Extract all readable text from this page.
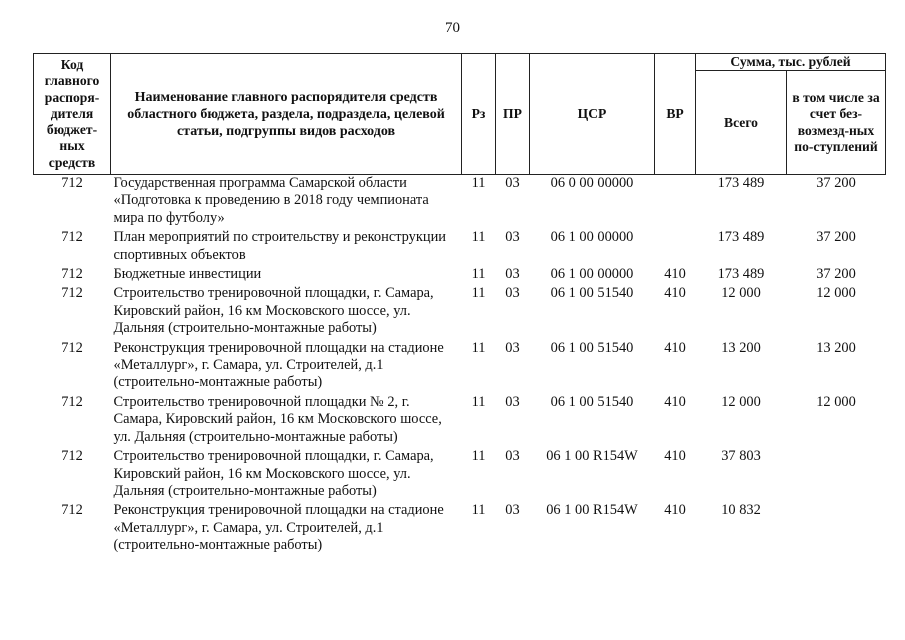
70
Код главного распоря-дителя бюджет-ных средств	Наименование главного распорядителя средств областного бюджета, раздела, подраздела, целевой статьи, подгруппы видов расходов	Рз	ПР	ЦСР	ВР	Сумма, тыс. рублей	
						Всего	в том числе за счет без-возмезд-ных по-ступлений
712	Государственная программа Самарской области «Подготовка к проведению в 2018 году чемпионата мира по футболу»	11	03	06 0 00 00000		173 489	37 200
712	План мероприятий по строительству и реконструкции спортивных объектов	11	03	06 1 00 00000		173 489	37 200
712	Бюджетные инвестиции	11	03	06 1 00 00000	410	173 489	37 200
712	Строительство тренировочной площадки, г. Самара, Кировский район, 16 км Московского шоссе, ул. Дальняя (строительно-монтажные работы)	11	03	06 1 00 51540	410	12 000	12 000
712	Реконструкция тренировочной площадки на стадионе «Металлург», г. Самара, ул. Строителей, д.1 (строительно-монтажные работы)	11	03	06 1 00 51540	410	13 200	13 200
712	Строительство тренировочной площадки № 2, г. Самара, Кировский район, 16 км Московского шоссе, ул. Дальняя (строительно-монтажные работы)	11	03	06 1 00 51540	410	12 000	12 000
712	Строительство тренировочной площадки, г. Самара, Кировский район, 16 км Московского шоссе, ул. Дальняя (строительно-монтажные работы)	11	03	06 1 00 R154W	410	37 803	
712	Реконструкция тренировочной площадки на стадионе «Металлург», г. Самара, ул. Строителей, д.1 (строительно-монтажные работы)	11	03	06 1 00 R154W	410	10 832	
